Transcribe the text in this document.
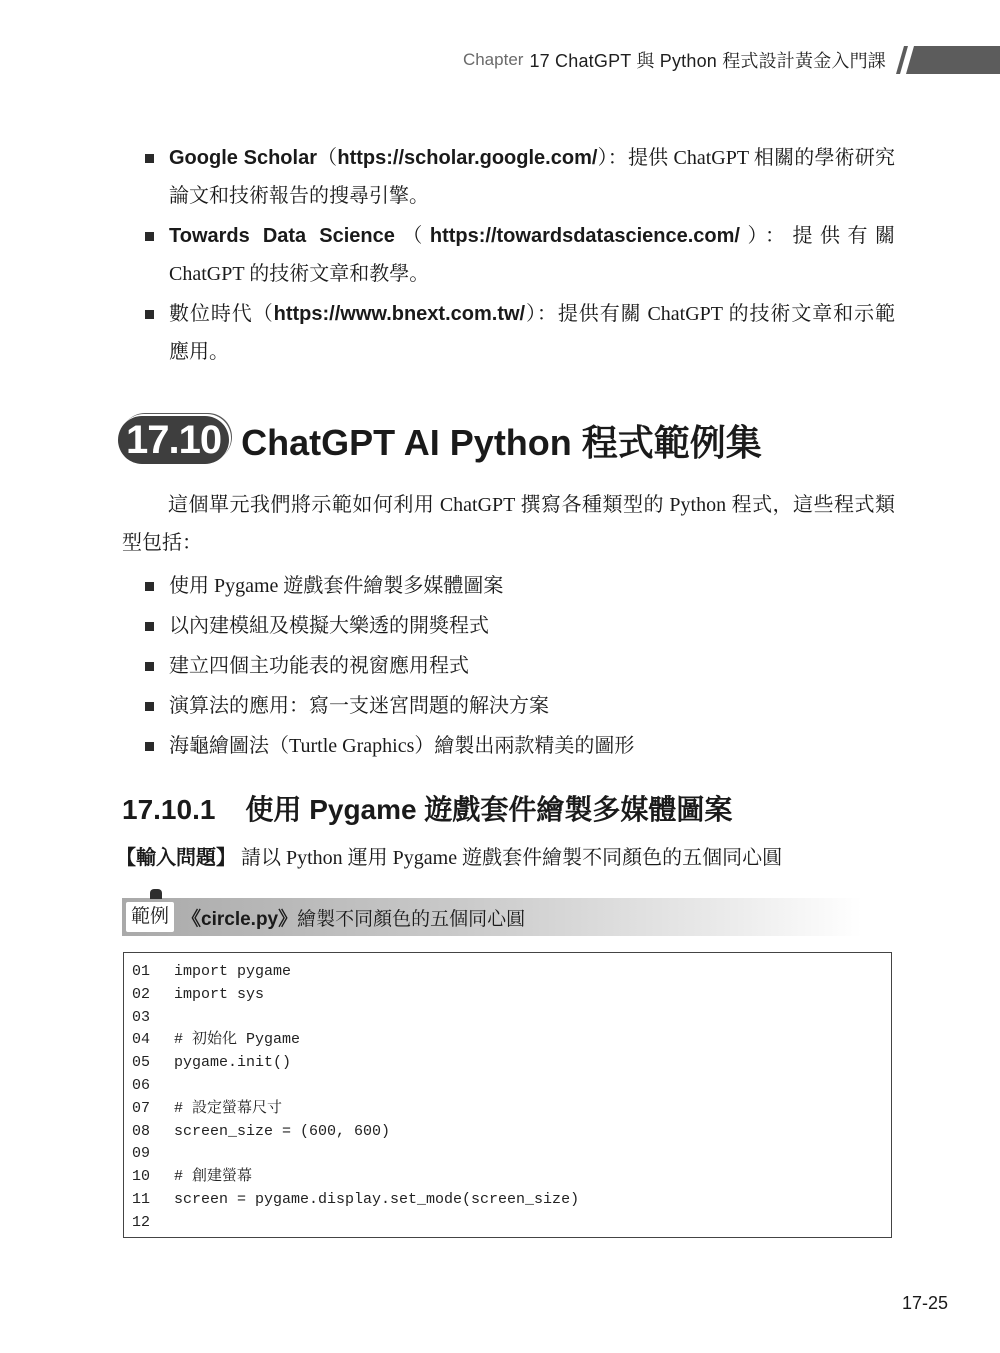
Chapter 17 ChatGPT 與 Python 程式設計黃金入門課
Google Scholar（https://scholar.google.com/）：提供 ChatGPT 相關的學術研究論文和技術報告的搜尋引擎。
Towards Data Science（https://towardsdatascience.com/）：提供有關 ChatGPT 的技術文章和教學。
數位時代（https://www.bnext.com.tw/）：提供有關 ChatGPT 的技術文章和示範應用。
17.10 ChatGPT AI Python 程式範例集

這個單元我們將示範如何利用 ChatGPT 撰寫各種類型的 Python 程式，這些程式類型包括：

使用 Pygame 遊戲套件繪製多媒體圖案
以內建模組及模擬大樂透的開獎程式
建立四個主功能表的視窗應用程式
演算法的應用：寫一支迷宮問題的解決方案
海龜繪圖法（Turtle Graphics）繪製出兩款精美的圖形
17.10.1 使用 Pygame 遊戲套件繪製多媒體圖案
【輸入問題】 請以 Python 運用 Pygame 遊戲套件繪製不同顏色的五個同心圓
範例 《circle.py》繪製不同顏色的五個同心圓
01	import pygame
02	import sys
03
04	# 初始化 Pygame
05	pygame.init()
06
07	# 設定螢幕尺寸
08	screen_size = (600, 600)
09
10	# 創建螢幕
11	screen = pygame.display.set_mode(screen_size)
12
17-25
